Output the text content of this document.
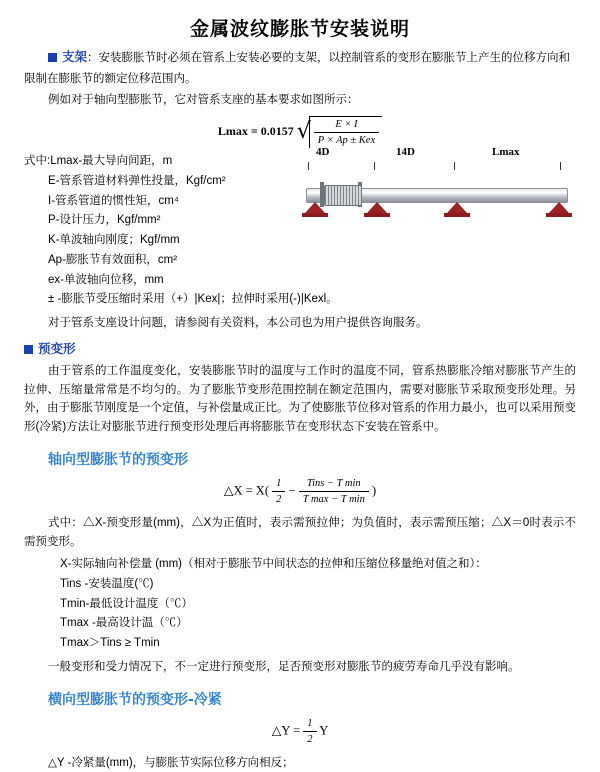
金属波纹膨胀节安装说明
支架：安装膨胀节时必须在管系上安装必要的支架，以控制管系的变形在膨胀节上产生的位移方向和限制在膨胀节的额定位移范围内。

例如对于轴向型膨胀节，它对管系支座的基本要求如图所示：

Lmax = 0.0157 √ $\frac{E \times I}{\text{P × Ap ± Kex}}$
4D	14D	Lmax
式中:Lmax-最大导向间距，m
E-管系管道材料弹性投量，Kgf/cm²
I-管系管道的惯性矩，cm⁴
P-设计压力，Kgf/mm²
K-单波轴向刚度；Kgf/mm
Ap-膨胀节有效面积，cm²
ex-单波轴向位移，mm
± -膨胀节受压缩时采用（+）|Kex|；拉伸时采用(-)|Kexl。

对于管系支座设计问题，请参阅有关资料，本公司也为用户提供咨询服务。

预变形

由于管系的工作温度变化，安装膨胀节时的温度与工作时的温度不同，管系热膨胀冷缩对膨胀节产生的拉伸、压缩量常常是不均匀的。为了膨胀节变形范围控制在额定范围内，需要对膨胀节采取预变形处理。另外，由于膨胀节刚度是一个定值，与补偿量成正比。为了使膨胀节位移对管系的作用力最小，也可以采用预变形(冷紧)方法让对膨胀节进行预变形处理后再将膨胀节在变形状态下安装在管系中。

轴向型膨胀节的预变形
△X = $X( \frac{1}{2} - \frac{\text{Tins − T min}}{\text{T max − T min}}$ )

式中：△X-预变形量(mm)，△X为正值时，表示需预拉伸；为负值时，表示需预压缩；△X＝0时表示不需预变形。

X-实际轴向补偿量 (mm)（相对于膨胀节中间状态的拉伸和压缩位移量绝对值之和）：
Tins -安装温度(℃)
Tmin-最低设计温度（℃）
Tmax -最高设计温（℃）
Tmax＞Tins ≥ Tmin

一般变形和受力情况下，不一定进行预变形，足否预变形对膨胀节的疲劳寿命几乎没有影响。

横向型膨胀节的预变形-冷紧
△Y = $\frac{1}{2}$ Y

△Y -冷紧量(mm)，与膨胀节实际位移方向相反；
